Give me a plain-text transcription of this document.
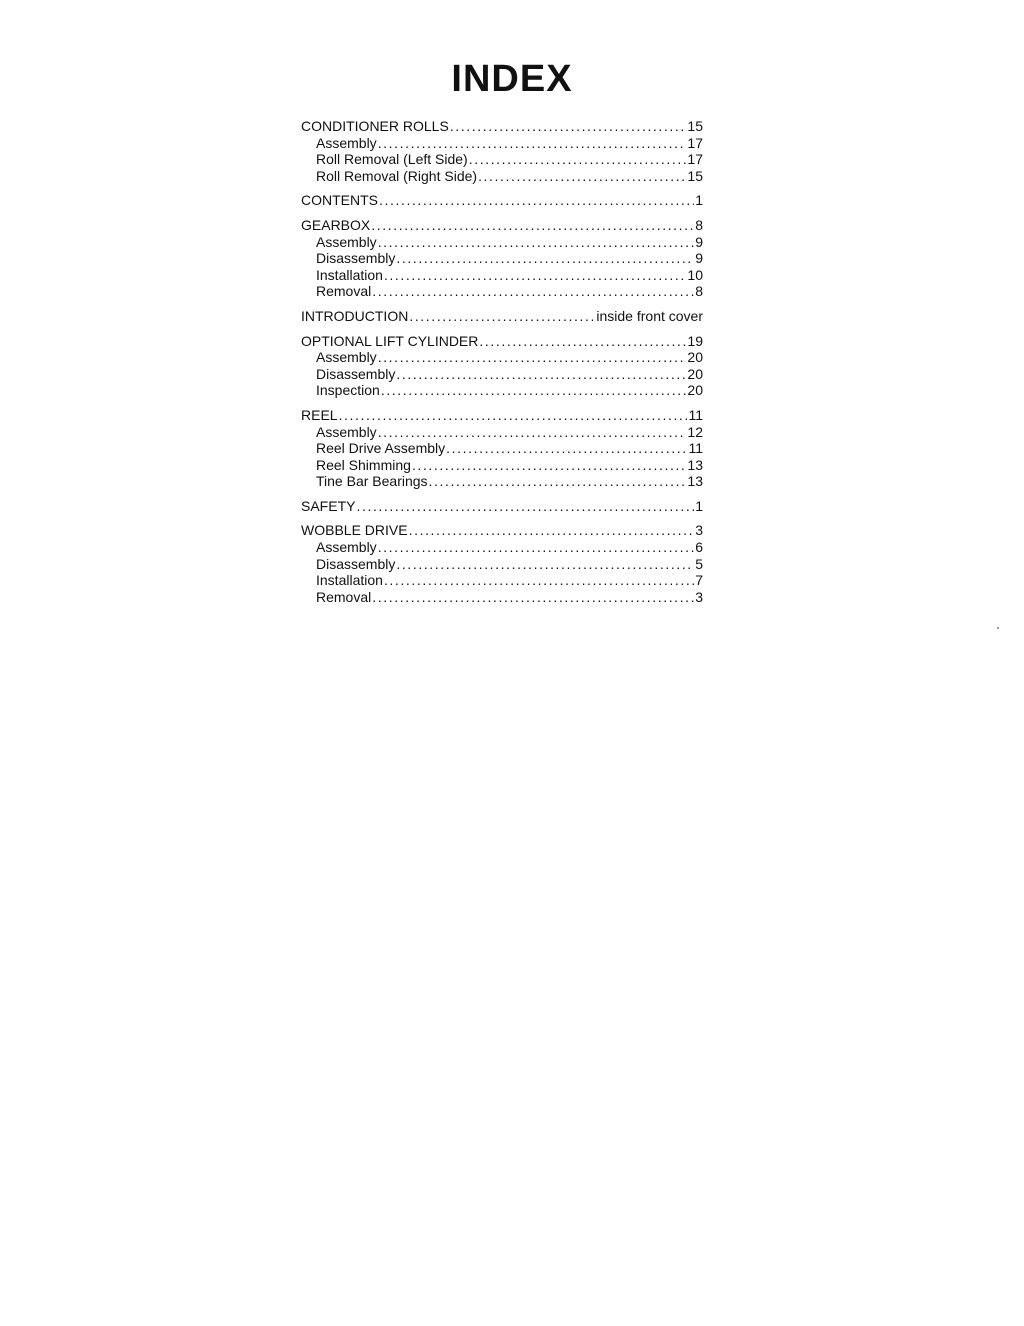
INDEX
CONDITIONER ROLLS .....	15
Assembly .....	17
Roll Removal (Left Side) .....	17
Roll Removal (Right Side) .....	15
CONTENTS .....	1
GEARBOX .....	8
Assembly .....	9
Disassembly .....	9
Installation .....	10
Removal .....	8
INTRODUCTION .....	inside front cover
OPTIONAL LIFT CYLINDER .....	19
Assembly .....	20
Disassembly .....	20
Inspection .....	20
REEL .....	11
Assembly .....	12
Reel Drive Assembly .....	11
Reel Shimming .....	13
Tine Bar Bearings .....	13
SAFETY .....	1
WOBBLE DRIVE .....	3
Assembly .....	6
Disassembly .....	5
Installation .....	7
Removal .....	3
